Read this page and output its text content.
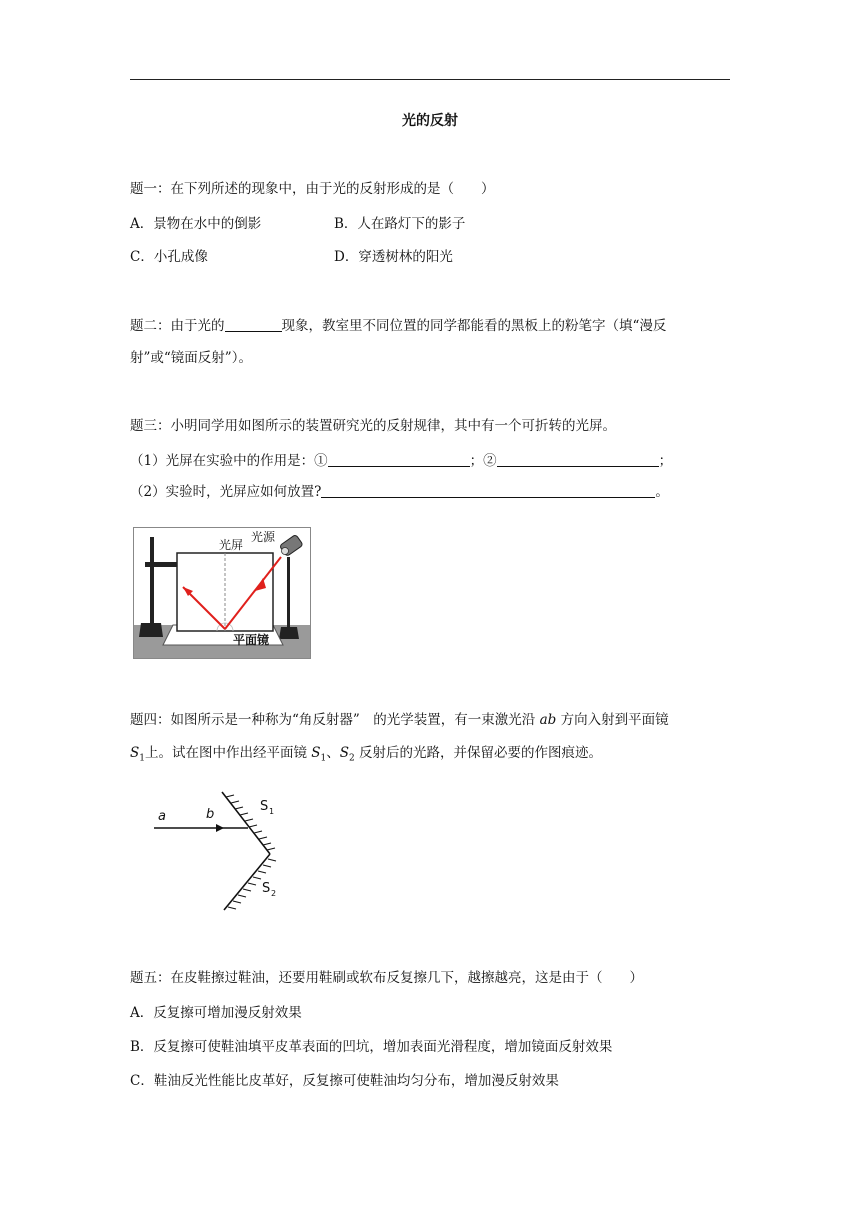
光的反射
题一：在下列所述的现象中，由于光的反射形成的是（　　）
A．景物在水中的倒影	B．人在路灯下的影子
C．小孔成像	D．穿透树林的阳光
题二：由于光的	现象，教室里不同位置的同学都能看的黑板上的粉笔字（填“漫反
射”或“镜面反射”）。
题三：小明同学用如图所示的装置研究光的反射规律，其中有一个可折转的光屏。
（1）光屏在实验中的作用是：①	；②	；
（2）实验时，光屏应如何放置?	。
光屏
光源
平面镜
题四：如图所示是一种称为“角反射器”　的光学装置，有一束激光沿 ab 方向入射到平面镜
$S_1$上。试在图中作出经平面镜 $S_1$、$S_2$ 反射后的光路，并保留必要的作图痕迹。
a	b
S 1
S 2
题五：在皮鞋擦过鞋油，还要用鞋刷或软布反复擦几下，越擦越亮，这是由于（　　）
A．反复擦可增加漫反射效果
B．反复擦可使鞋油填平皮革表面的凹坑，增加表面光滑程度，增加镜面反射效果
C．鞋油反光性能比皮革好，反复擦可使鞋油均匀分布，增加漫反射效果
